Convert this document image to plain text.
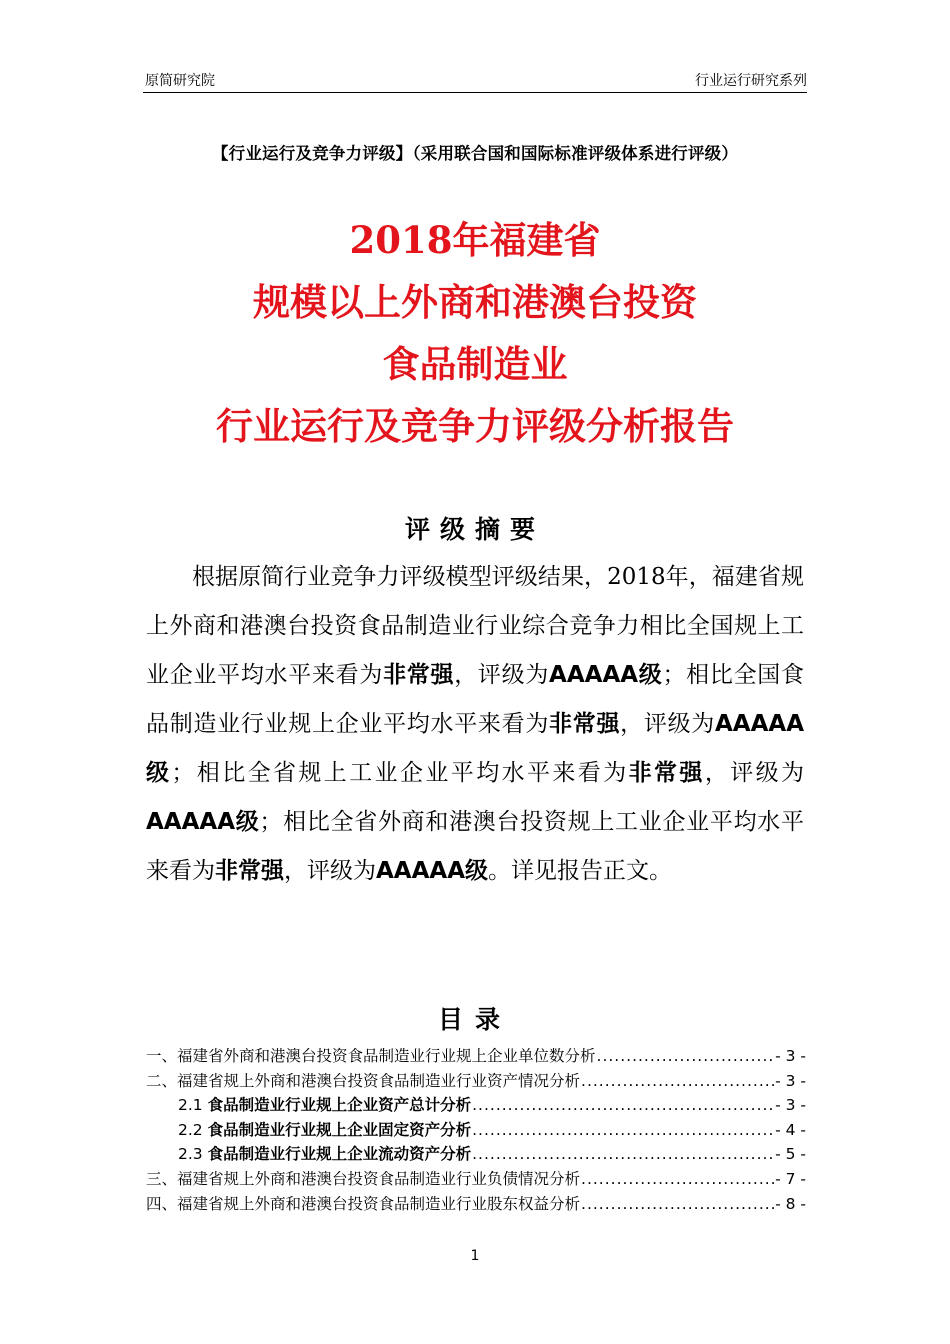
原简研究院	行业运行研究系列
【行业运行及竞争力评级】（采用联合国和国际标准评级体系进行评级）
2018年福建省
规模以上外商和港澳台投资
食品制造业
行业运行及竞争力评级分析报告
评级摘要
根据原简行业竞争力评级模型评级结果，2018年，福建省规上外商和港澳台投资食品制造业行业综合竞争力相比全国规上工业企业平均水平来看为非常强，评级为AAAAA级；相比全国食品制造业行业规上企业平均水平来看为非常强，评级为AAAAA级；相比全省规上工业企业平均水平来看为非常强，评级为AAAAA级；相比全省外商和港澳台投资规上工业企业平均水平来看为非常强，评级为AAAAA级。详见报告正文。
目录
一、福建省外商和港澳台投资食品制造业行业规上企业单位数分析 .....	- 3 -
二、福建省规上外商和港澳台投资食品制造业行业资产情况分析 .....	- 3 -
2.1 食品制造业行业规上企业资产总计分析 .....	- 3 -
2.2 食品制造业行业规上企业固定资产分析 .....	- 4 -
2.3 食品制造业行业规上企业流动资产分析 .....	- 5 -
三、福建省规上外商和港澳台投资食品制造业行业负债情况分析 .....	- 7 -
四、福建省规上外商和港澳台投资食品制造业行业股东权益分析 .....	- 8 -
1
